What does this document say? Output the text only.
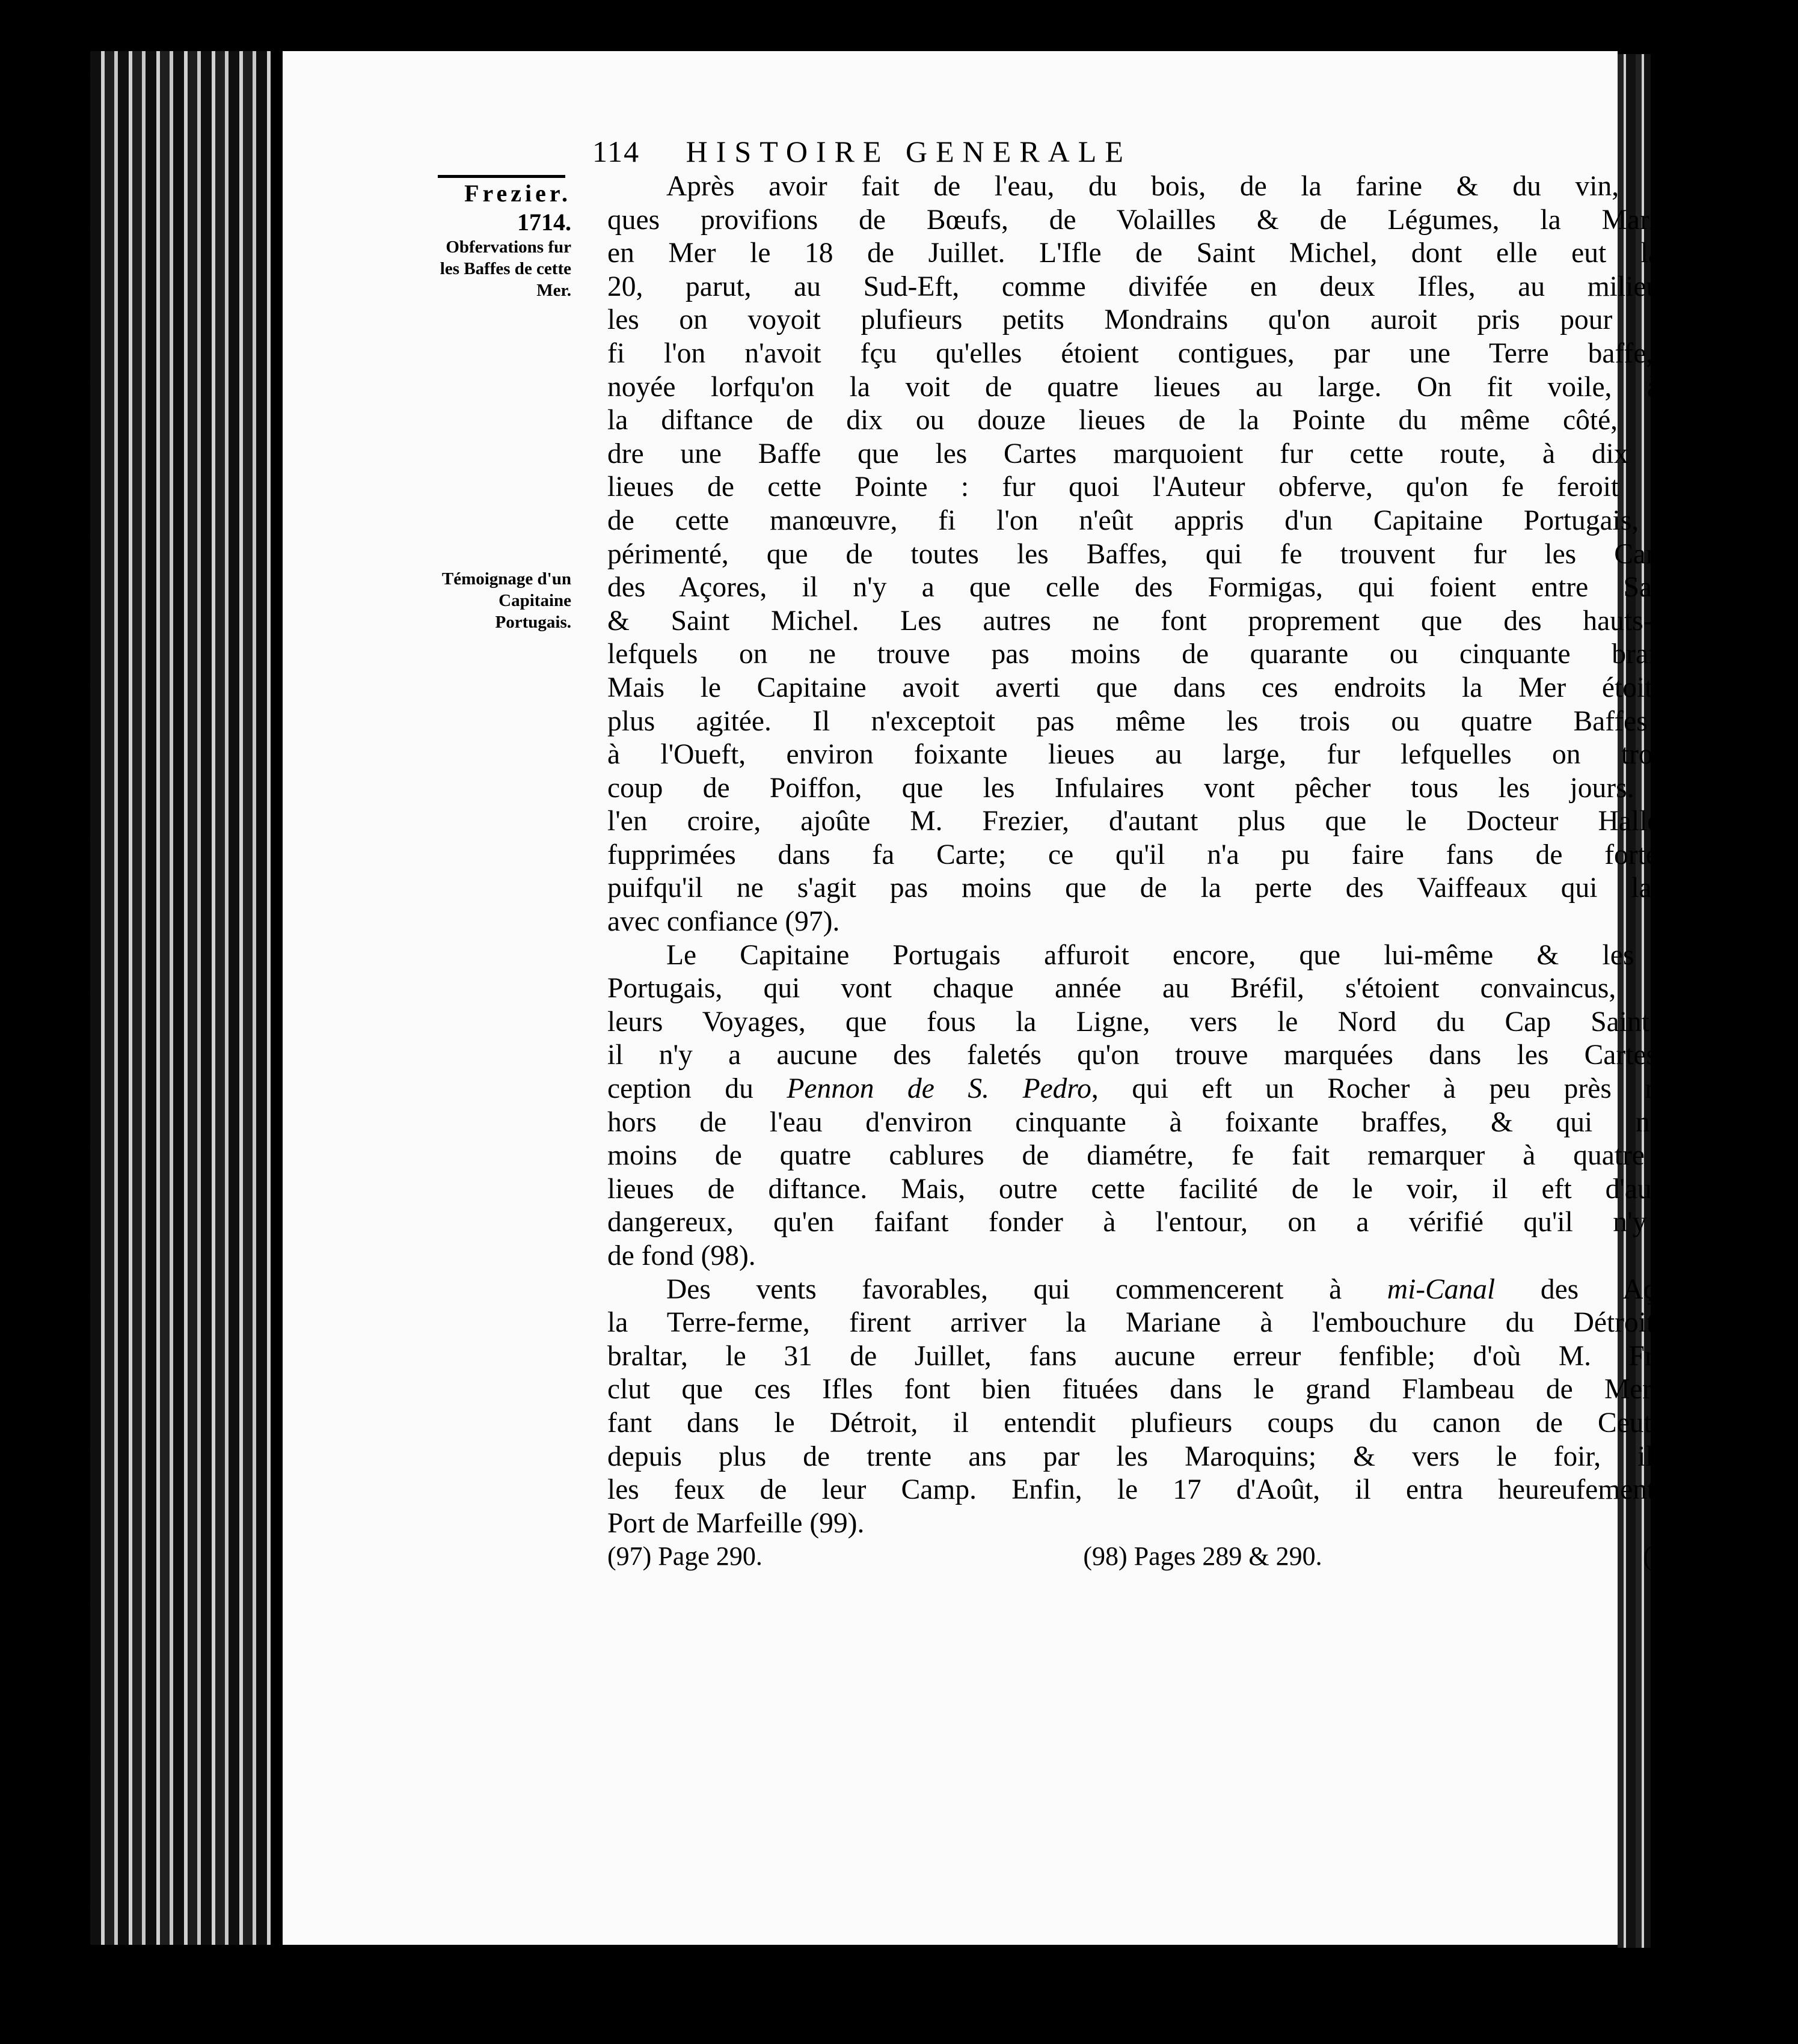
114 HISTOIRE GENERALE
Frezier.
1714.
Obfervations fur les Baffes de cette Mer.
Témoignage d'un Capitaine Portugais.
Après avoir fait de l'eau, du bois, de la farine & du vin, avec quel-
ques provifions de Bœufs, de Volailles & de Légumes, la Mariane remit
en Mer le 18 de Juillet. L'Ifle de Saint Michel, dont elle eut la vûe, le
20, parut, au Sud-Eft, comme divifée en deux Ifles, au milieu defquel-
les on voyoit plufieurs petits Mondrains qu'on auroit pris pour des Iflots,
fi l'on n'avoit fçu qu'elles étoient contigues, par une Terre baffe, qui eft
noyée lorfqu'on la voit de quatre lieues au large. On fit voile, à l'Eft, à
la diftance de dix ou douze lieues de la Pointe du même côté, fans crain-
dre une Baffe que les Cartes marquoient fur cette route, à dix ou douze
lieues de cette Pointe : fur quoi l'Auteur obferve, qu'on fe feroit bien gardé
de cette manœuvre, fi l'on n'eût appris d'un Capitaine Portugais, fort ex-
périmenté, que de toutes les Baffes, qui fe trouvent fur les Cartes autour
des Açores, il n'y a que celle des Formigas, qui foient entre Sainte Marie
& Saint Michel. Les autres ne font proprement que des hauts-fonds, fur
lefquels on ne trouve pas moins de quarante ou cinquante braffes d'eau.
Mais le Capitaine avoit averti que dans ces endroits la Mer étoit beaucoup
plus agitée. Il n'exceptoit pas même les trois ou quatre Baffes marquées
à l'Oueft, environ foixante lieues au large, fur lefquelles on trouve beau-
coup de Poiffon, que les Infulaires vont pêcher tous les jours. On peut
l'en croire, ajoûte M. Frezier, d'autant plus que le Docteur Halley les a
fupprimées dans fa Carte; ce qu'il n'a pu faire fans de fortes raifons,
puifqu'il ne s'agit pas moins que de la perte des Vaiffeaux qui la fuivroient
avec confiance (97).
Le Capitaine Portugais affuroit encore, que lui-même & les Capitaines
Portugais, qui vont chaque année au Bréfil, s'étoient convaincus, dans tous
leurs Voyages, que fous la Ligne, vers le Nord du Cap Saint Auguftin,
il n'y a aucune des faletés qu'on trouve marquées dans les Cartes, à l'ex-
ception du Pennon de S. Pedro, qui eft un Rocher à peu près rond, élevé
hors de l'eau d'environ cinquante à foixante braffes, & qui n'ayant pas
moins de quatre cablures de diamétre, fe fait remarquer à quatre ou cinq
lieues de diftance. Mais, outre cette facilité de le voir, il eft d'autant moins
dangereux, qu'en faifant fonder à l'entour, on a vérifié qu'il n'y a point
de fond (98).
Des vents favorables, qui commencerent à mi-Canal des Açores &de
la Terre-ferme, firent arriver la Mariane à l'embouchure du Détroit de Gi-
braltar, le 31 de Juillet, fans aucune erreur fenfible; d'où M. Frezier con-
clut que ces Ifles font bien fituées dans le grand Flambeau de Mer. En paf-
fant dans le Détroit, il entendit plufieurs coups du canon de Ceuta, affiégée
depuis plus de trente ans par les Maroquins; & vers le foir, il découvrit
les feux de leur Camp. Enfin, le 17 d'Août, il entra heureufement dans le
Port de Marfeille (99).
(97) Page 290.	(98) Pages 289 & 290.	(99) Page 291.
